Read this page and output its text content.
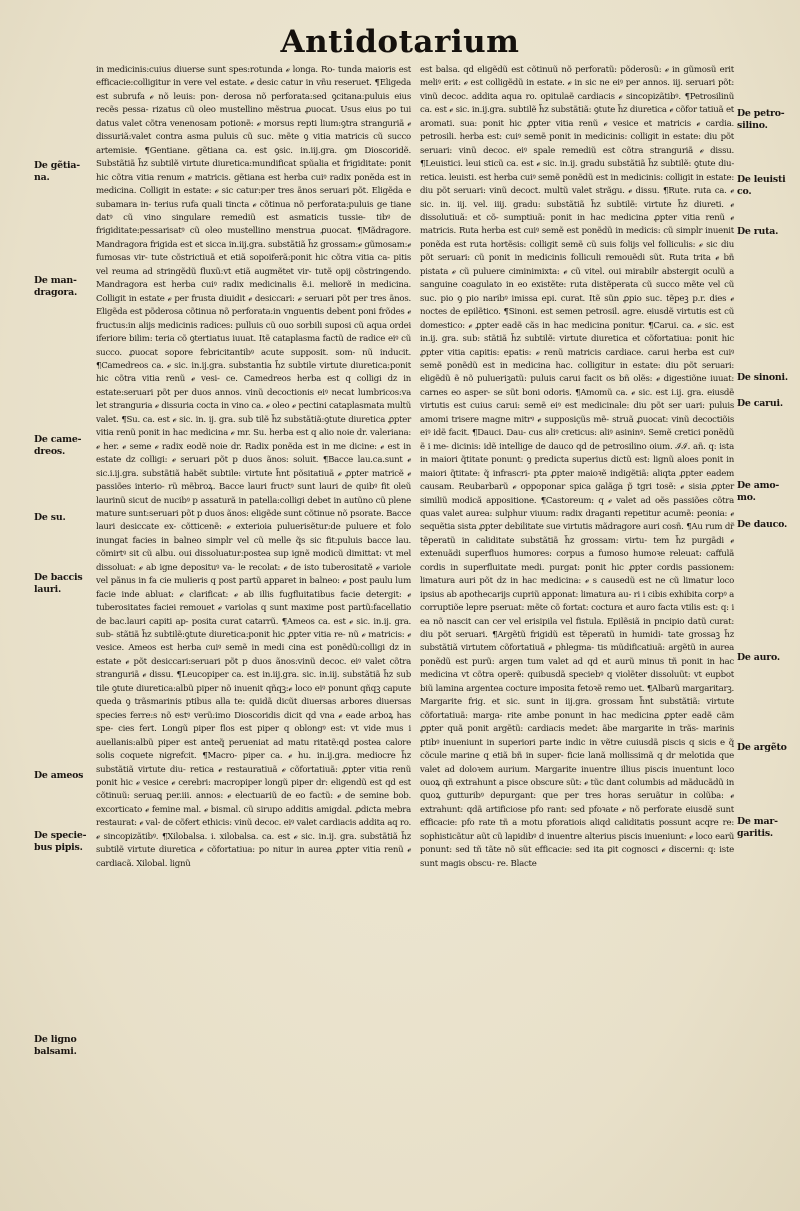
Antidotarium

in medicinis:cuius diuerse sunt spes:rotunda ℯ longa. Ro- tunda maioris est efficacie:colligitur in vere vel estate. ℯ desic catur in vñu reseruet. ¶Eligeda est subrufa ℯ nõ leuis: pon- derosa nõ perforata:sed ꝯcitana:puluis eius recẽs pessa- rizatus cũ oleo mustellino mẽstrua ꝓuocat. Usus eius po tui datus valet cõtra venenosam potionẽ: ℯ morsus repti lium:ꝯtra stranguriã ℯ dissuriã:valet contra asma puluis cũ suc. mẽte ꝯ vitia matricis cũ succo artemisie. ¶Gentiane. gẽtiana ca. est ꝯsic. in.iij.gra. ꝯm Dioscoridẽ. Substãtiã h̃z subtilẽ virtute diuretica:mundificat spũalia et frigiditate: ponit hic cõtra vitia renum ℯ matricis. gẽtiana est herba cuiꝰ radix ponẽda est in medicina. Colligit in estate: ℯ sic catur:per tres ãnos seruari põt. Eligẽda e subamara in- terius rufa quali tincta ℯ cõtinua nõ perforata:puluis ge tiane datꝰ cũ vino singulare remediũ est asmaticis tussie- tibꝰ de frigiditate:pessarisatꝰ cũ oleo mustellino menstrua ꝓuocat. ¶Mãdragore. Mandragora frigida est et sicca in.iij.gra. substãtiã h̃z grossam:ℯ gũmosam:ℯ fumosas vir- tute cõstrictiuã et etiã sopoiferã:ponit hic cõtra vitia ca- pitis vel reuma ad stringẽdũ fluxũ:vt etiã augmẽtet vir- tutẽ opij cõstringendo. Mandragora est herba cuiꝰ radix medicinalis ẽ.i. meliorẽ in medicina. Colligit in estate ℯ per frusta diuidit ℯ desiccari: ℯ seruari põt per tres ãnos. Eligẽda est põderosa cõtinua nõ perforata:in vnguentis debent poni frõdes ℯ fructus:in alijs medicinis radices: pulluis cũ ouo sorbili suposi cũ aqua ordei iferiore bilim: teria cõ ꝯtertiatus iuuat. Itẽ cataplasma factũ de radice eiꝰ cũ succo. ꝓuocat sopore febricitantibꝰ acute supposit. som- nũ inducit. ¶Camedreos ca. ℯ sic. in.ij.gra. substantia h̃z subtile virtute diuretica:ponit hic cõtra vitia renũ ℯ vesi- ce. Camedreos herba est q colligi dz in estate:seruari põt per duos annos. vinũ decoctionis eiꝰ necat lumbricos:va let stranguria ℯ dissuria cocta in vino ca. ℯ oleo ℯ pectini cataplasmata multũ valet. ¶Su. ca. est ℯ sic. in. ij. gra. sub tilẽ h̃z substãtiã:ꝯtute diuretica ꝓpter vitia renũ ponit in hac medicina ℯ mr. Su. herba est q alio noie dr. valeriana: ℯ her. ℯ seme ℯ radix eodẽ noie dr. Radix ponẽda est in me dicine: ℯ est in estate dz colligi: ℯ seruari põt p duos ãnos: soluit. ¶Bacce lau.ca.sunt ℯ sic.i.ij.gra. substãtiã habẽt subtile: virtute h̃nt põsitatiuã ℯ ꝓpter matricẽ ℯ passiões interio- rũ mẽbroꝝ. Bacce lauri fructꝰ sunt lauri de quibꝰ fit oleũ laurinũ sicut de nucibꝰ p assaturã in patella:colligi debet in autũno cũ plene mature sunt:seruari põt p duos ãnos: eligẽde sunt cõtinue nõ psorate. Bacce lauri desiccate ex- cõtticenẽ: ℯ exterioia puluerisẽtur:de puluere et folo inungat facies in balneo simplr vel cũ melle q̃s sic fit:puluis bacce lau. cõmirtꝰ sit cũ albu. oui dissoluatur:postea sup ignẽ modicũ dimittat: vt mel dissoluat: ℯ ab igne deposituꝰ va- le recolat: ℯ de isto tuberositatẽ ℯ variole vel pãnus in fa cie mulieris q post partũ apparet in balneo: ℯ post paulu lum facie inde abluat: ℯ clarificat: ℯ ab illis fugfluitatibus facie detergit: ℯ tuberositates faciei remouet ℯ variolas q sunt maxime post partũ:facellatio de bac.lauri capiti ap- posita curat catarrũ. ¶Ameos ca. est ℯ sic. in.ij. gra. sub- stãtiã h̃z subtilẽ:ꝯtute diuretica:ponit hic ꝓpter vitia re- nũ ℯ matricis: ℯ vesice. Ameos est herba cuiꝰ semẽ in medi cina est ponẽdũ:colligi dz in estate ℯ põt desiccari:seruari põt p duos ãnos:vinũ decoc. eiꝰ valet cõtra stranguriã ℯ dissu. ¶Leucopiper ca. est in.iij.gra. sic. in.iij. substãtiã h̃z sub tile ꝯtute diuretica:albũ piper nõ inuenit qñqꝫ:ℯ loco eiꝰ ponunt qñqꝫ capute queda ꝯ trãsmarinis ptibus alla te: quidã dicũt diuersas arbores diuersas species ferre:s nõ estꝰ verũ:imo Dioscoridis dicit qd vna ℯ eade arboꝝ has spe- cies fert. Longũ piper flos est piper q oblongꝰ est: vt vide mus i auellanis:albũ piper est anteq̃ perueniat ad matu ritatẽ:qd postea calore solis coquete nigrefcit. ¶Macro- piper ca. ℯ hu. in.ij.gra. mediocre h̃z substãtiã virtute diu- retica ℯ restauratiuã ℯ cõfortatiuã: ꝓpter vitia renũ ponit hic ℯ vesice ℯ cerebri: macropiper longũ piper dr: eligendũ est qd est cõtinuũ: seruaꝗ per.iii. annos: ℯ electuariũ de eo factũ: ℯ de semine bob. excorticato ℯ femine mal. ℯ bismal. cũ sirupo additis amigdal. ꝓdicta mebra restaurat: ℯ val- de cõfert ethicis: vinũ decoc. eiꝰ valet cardiacis addita aq ro. ℯ sincopizãtibꝰ. ¶Xilobalsa. i. xilobalsa. ca. est ℯ sic. in.ij. gra. substãtiã h̃z subtilẽ virtute diuretica ℯ cõfortatiua: po nitur in aurea ꝓpter vitia renũ ℯ cardiacã. Xilobal. lignũ

est balsa. qd eligẽdũ est cõtinuũ nõ perforatũ: põderosũ: ℯ in gũmosũ erit meliꝰ erit: ℯ est colligẽdũ in estate. ℯ in sic ne eiꝰ per annos. iij. seruari põt: vinũ decoc. addita aqua ro. opitulaẽ cardiacis ℯ sincopizãtibꝰ. ¶Petrosilinũ ca. est ℯ sic. in.ij.gra. subtilẽ h̃z substãtiã: ꝯtute h̃z diuretica ℯ cõfor tatiuã et aromati. sua: ponit hic ꝓpter vitia renũ ℯ vesice et matricis ℯ cardia. petrosili. herba est: cuiꝰ semẽ ponit in medicinis: colligit in estate: diu põt seruari: vinũ decoc. eiꝰ spale remediũ est cõtra stranguriã ℯ dissu. ¶Leuistici. leui sticũ ca. est ℯ sic. in.ij. gradu substãtiã h̃z subtilẽ: ꝯtute diu- retica. leuisti. est herba cuiꝰ semẽ ponẽdũ est in medicinis: colligit in estate: diu põt seruari: vinũ decoct. multũ valet strãgu. ℯ dissu. ¶Rute. ruta ca. ℯ sic. in. iij. vel. iiij. gradu: substãtiã h̃z subtilẽ: virtute h̃z diureti. ℯ dissolutiuã: et cõ- sumptiuã: ponit in hac medicina ꝓpter vitia renũ ℯ matricis. Ruta herba est cuiꝰ semẽ est ponẽdũ in medicis: cũ simplr inuenit ponẽda est ruta hortẽsis: colligit semẽ cũ suis folijs vel folliculis: ℯ sic diu põt seruari: cũ ponit in medicinis folliculi remouẽdi sũt. Ruta trita ℯ bñ pistata ℯ cũ puluere ciminimixta: ℯ cũ vitel. oui mirabilr abstergit oculũ a sanguine coagulato in eo existẽte: ruta distẽperata cũ succo mẽte vel cũ suc. pio ꝯ pio naribꝰ imissa epi. curat. Itẽ sũn ꝓpio suc. tẽpeꝫ p.r. dies ℯ noctes de epilẽtico. ¶Sinoni. est semen petrosil. agre. eiusdẽ virtutis est cũ domestico: ℯ ꝓpter eadẽ cãs in hac medicina ponitur. ¶Carui. ca. ℯ sic. est in.ij. gra. sub: stãtiã h̃z subtilẽ: virtute diuretica et cõfortatiua: ponit hic ꝓpter vitia capitis: epatis: ℯ renũ matricis cardiace. carui herba est cuiꝰ semẽ ponẽdũ est in medicina hac. colligitur in estate: diu põt seruari: eligẽdũ ẽ nõ pulueriꝫatũ: puluis carui facit os bñ olẽs: ℯ digestiõne iuuat: carnes eo asper- se sũt boni odoris. ¶Amomũ ca. ℯ sic. est i.ij. gra. eiusdẽ virtutis est cuius carui: semẽ eiꝰ est medicinale: diu põt ser uari: puluis amomi trisere magne mitrꝰ ℯ supposiçũs mẽ- struã ꝓuocat: vinũ decoctiõis eiꝰ idẽ facit. ¶Dauci. Dau- cus aliꝰ creticus: aliꝰ asininꝰ. Semẽ cretici ponẽdũ ẽ i me- dicinis: idẽ intellige de dauco qd de petrosilino oium. ℐℐ. añ. q: ista in maiori q̃titate ponunt: ꝯ predicta superius dictũ est: lignũ aloes ponit in maiori q̃titate: q̃ infrascri- pta ꝓpter maioꝛẽ indigẽtiã: aliqta ꝓpter eadem causam. Reubarbarũ ℯ oppoponar spica galãga p̃ tgri tosẽ: ℯ sisia ꝓpter similiũ modicã appositione. ¶Castoreum: q ℯ valet ad oẽs passiões cõtra quas valet aurea: sulphur viuum: radix draganti repetitur acumẽ: peonia: ℯ sequẽtia sista ꝓpter debilitate sue virtutis mãdragore auri cosñ. ¶Au rum dr̃ tẽperatũ in caliditate substãtiã h̃z grossam: virtu- tem h̃z purgãdi ℯ extenuãdi superfluos humores: corpus a fumoso humoꝛe releuat: caffulã cordis in superfluitate medi. purgat: ponit hic ꝓpter cordis passionem: limatura auri põt dz in hac medicina: ℯ s causedũ est ne cũ limatur loco ipsius ab apothecarijs cupriũ apponat: limatura au- ri i cibis exhibita corpꝰ a corruptiõe lepre pseruat: mẽte cõ fortat: coctura et auro facta vtilis est: q: i ea nõ nascit can cer vel erisipila vel fistula. Epilẽsiã in pncipio datũ curat: diu põt seruari. ¶Argẽtũ frigidũ est tẽperatũ in humidi- tate grossaꝫ h̃z substãtiã virtutem cõfortatiuã ℯ phlegma- tis mũdificatiuã: argẽtũ in aurea ponẽdũ est purũ: argen tum valet ad qd et aurũ minus tñ ponit in hac medicina vt cõtra operẽ: quibusdã speciebꝰ q violẽter dissoluũt: vt eupbot biũ lamina argentea cocture imposita fetoꝛẽ remo uet. ¶Albarũ margaritarꝫ. Margarite frig. et sic. sunt in iij.gra. grossam h̃nt substãtiã: virtute cõfortatiuã: marga- rite ambe ponunt in hac medicina ꝓpter eadẽ cãm ꝓpter quã ponit argẽtũ: cardiacis medet: ãbe margarite in trãs- marinis ptibꝰ inueniunt in superiori parte indic in vẽtre cuiusdã piscis q sicis e q̃ cõcule marine q etiã bñ in super- ficie lanã mollissimã q dr melotida que valet ad doloꝛem aurium. Margarite inuentre illius piscis inuentunt loco ouoꝝ qñ extrahunt a pisce obscure sũt: ℯ tũc dant columbis ad mãducãdũ in quoꝝ gutturibꝰ depurgant: que per tres horas seruãtur in colũba: ℯ extrahunt: qdã artificiose pfo rant: sed pfoꝛate ℯ nõ perforate eiusdẽ sunt efficacie: pfo rate tñ a motu pforatiois aliqd caliditatis possunt acqre re: sophisticãtur aũt cũ lapidibꝰ d inuentre alterius piscis inueniunt: ℯ loco earũ ponunt: sed tñ tãte nõ sũt efficacie: sed ita ꝑit cognosci ℯ discerni: q: iste sunt magis obscu- re. Blacte

De gẽtia- na.
De man- dragora.
De came- dreos.
De su.
De baccis lauri.
De ameos
De specie- bus pipis.
De ligno balsami.
De petro- silino.
De leuisti co.
De ruta.
De sinoni.
De carui.
De amo- mo.
De dauco.
De auro.
De argẽto
De mar- garitis.
